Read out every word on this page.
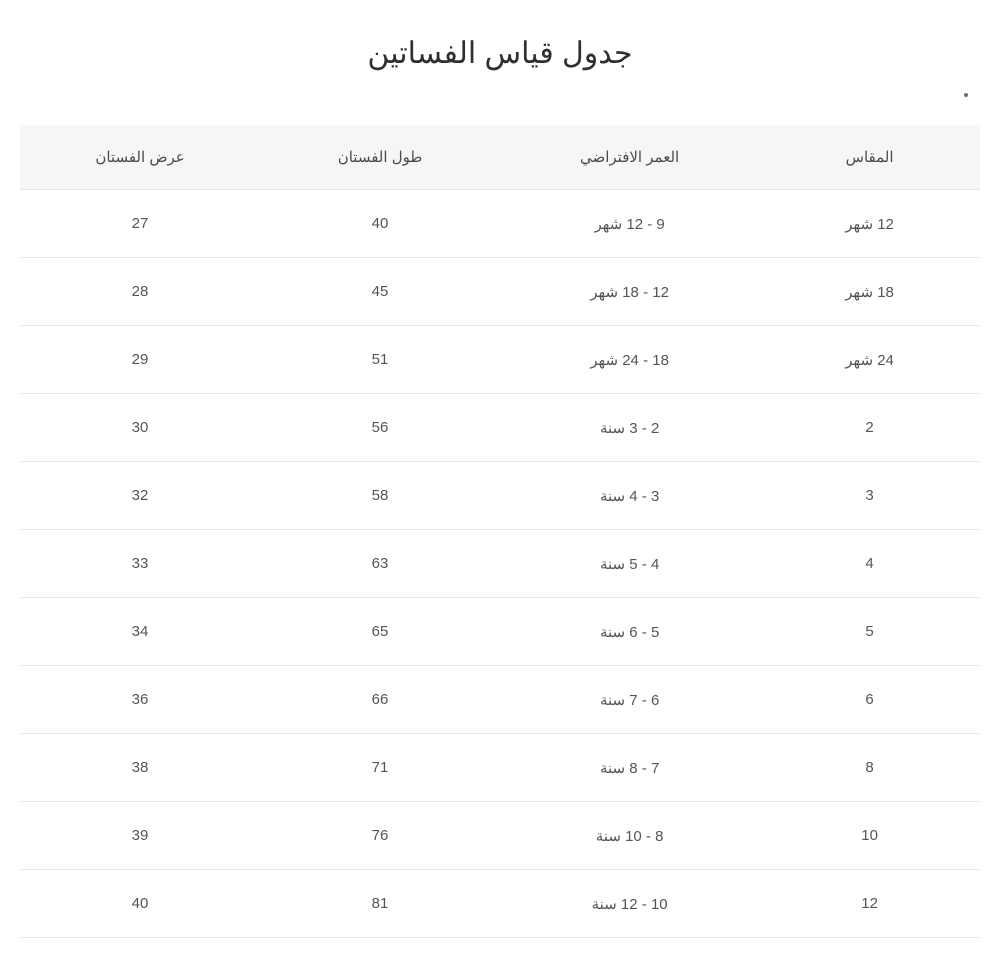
جدول قياس الفساتين
المقاس	العمر الافتراضي	طول الفستان	عرض الفستان
12 شهر	9 - 12 شهر	40	27
18 شهر	12 - 18 شهر	45	28
24 شهر	18 - 24 شهر	51	29
2	2 - 3 سنة	56	30
3	3 - 4 سنة	58	32
4	4 - 5 سنة	63	33
5	5 - 6 سنة	65	34
6	6 - 7 سنة	66	36
8	7 - 8 سنة	71	38
10	8 - 10 سنة	76	39
12	10 - 12 سنة	81	40
